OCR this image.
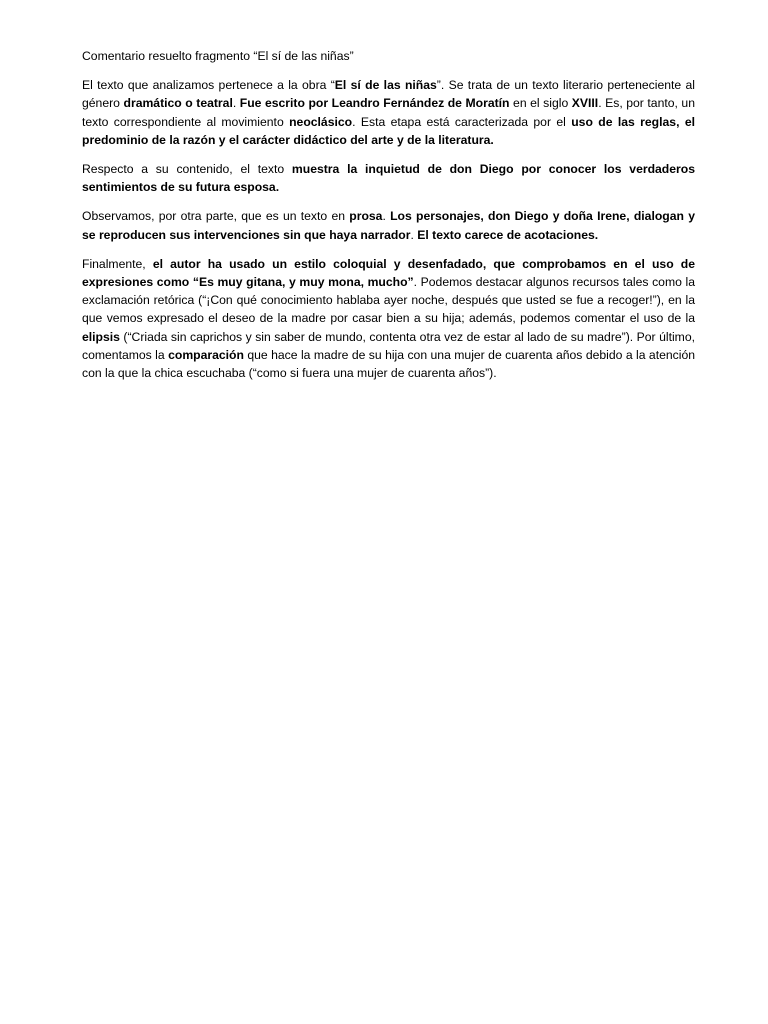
Comentario resuelto fragmento “El sí de las niñas”

El texto que analizamos pertenece a la obra “El sí de las niñas”. Se trata de un texto literario perteneciente al género dramático o teatral. Fue escrito por Leandro Fernández de Moratín en el siglo XVIII. Es, por tanto, un texto correspondiente al movimiento neoclásico. Esta etapa está caracterizada por el uso de las reglas, el predominio de la razón y el carácter didáctico del arte y de la literatura.

Respecto a su contenido, el texto muestra la inquietud de don Diego por conocer los verdaderos sentimientos de su futura esposa.

Observamos, por otra parte, que es un texto en prosa. Los personajes, don Diego y doña Irene, dialogan y se reproducen sus intervenciones sin que haya narrador. El texto carece de acotaciones.

Finalmente, el autor ha usado un estilo coloquial y desenfadado, que comprobamos en el uso de expresiones como “Es muy gitana, y muy mona, mucho”. Podemos destacar algunos recursos tales como la exclamación retórica (“¡Con qué conocimiento hablaba ayer noche, después que usted se fue a recoger!”), en la que vemos expresado el deseo de la madre por casar bien a su hija; además, podemos comentar el uso de la elipsis (“Criada sin caprichos y sin saber de mundo, contenta otra vez de estar al lado de su madre”). Por último, comentamos la comparación que hace la madre de su hija con una mujer de cuarenta años debido a la atención con la que la chica escuchaba (“como si fuera una mujer de cuarenta años”).
